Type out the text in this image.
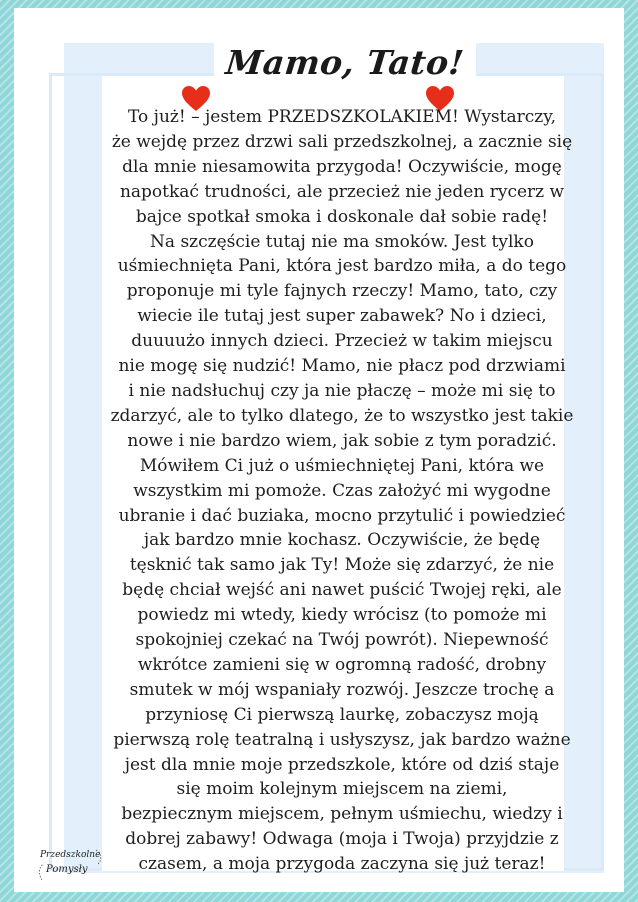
Mamo, Tato!
To już! – jestem PRZEDSZKOLAKIEM! Wystarczy,
że wejdę przez drzwi sali przedszkolnej, a zacznie się
dla mnie niesamowita przygoda! Oczywiście, mogę
napotkać trudności, ale przecież nie jeden rycerz w
bajce spotkał smoka i doskonale dał sobie radę!
Na szczęście tutaj nie ma smoków. Jest tylko
uśmiechnięta Pani, która jest bardzo miła, a do tego
proponuje mi tyle fajnych rzeczy! Mamo, tato, czy
wiecie ile tutaj jest super zabawek? No i dzieci,
duuuużo innych dzieci. Przecież w takim miejscu
nie mogę się nudzić! Mamo, nie płacz pod drzwiami
i nie nadsłuchuj czy ja nie płaczę – może mi się to
zdarzyć, ale to tylko dlatego, że to wszystko jest takie
nowe i nie bardzo wiem, jak sobie z tym poradzić.
Mówiłem Ci już o uśmiechniętej Pani, która we
wszystkim mi pomoże. Czas założyć mi wygodne
ubranie i dać buziaka, mocno przytulić i powiedzieć
jak bardzo mnie kochasz. Oczywiście, że będę
tęsknić tak samo jak Ty! Może się zdarzyć, że nie
będę chciał wejść ani nawet puścić Twojej ręki, ale
powiedz mi wtedy, kiedy wrócisz (to pomoże mi
spokojniej czekać na Twój powrót). Niepewność
wkrótce zamieni się w ogromną radość, drobny
smutek w mój wspaniały rozwój. Jeszcze trochę a
przyniosę Ci pierwszą laurkę, zobaczysz moją
pierwszą rolę teatralną i usłyszysz, jak bardzo ważne
jest dla mnie moje przedszkole, które od dziś staje
się moim kolejnym miejscem na ziemi,
bezpiecznym miejscem, pełnym uśmiechu, wiedzy i
dobrej zabawy! Odwaga (moja i Twoja) przyjdzie z
czasem, a moja przygoda zaczyna się już teraz!
Przedszkolne
Pomysły
